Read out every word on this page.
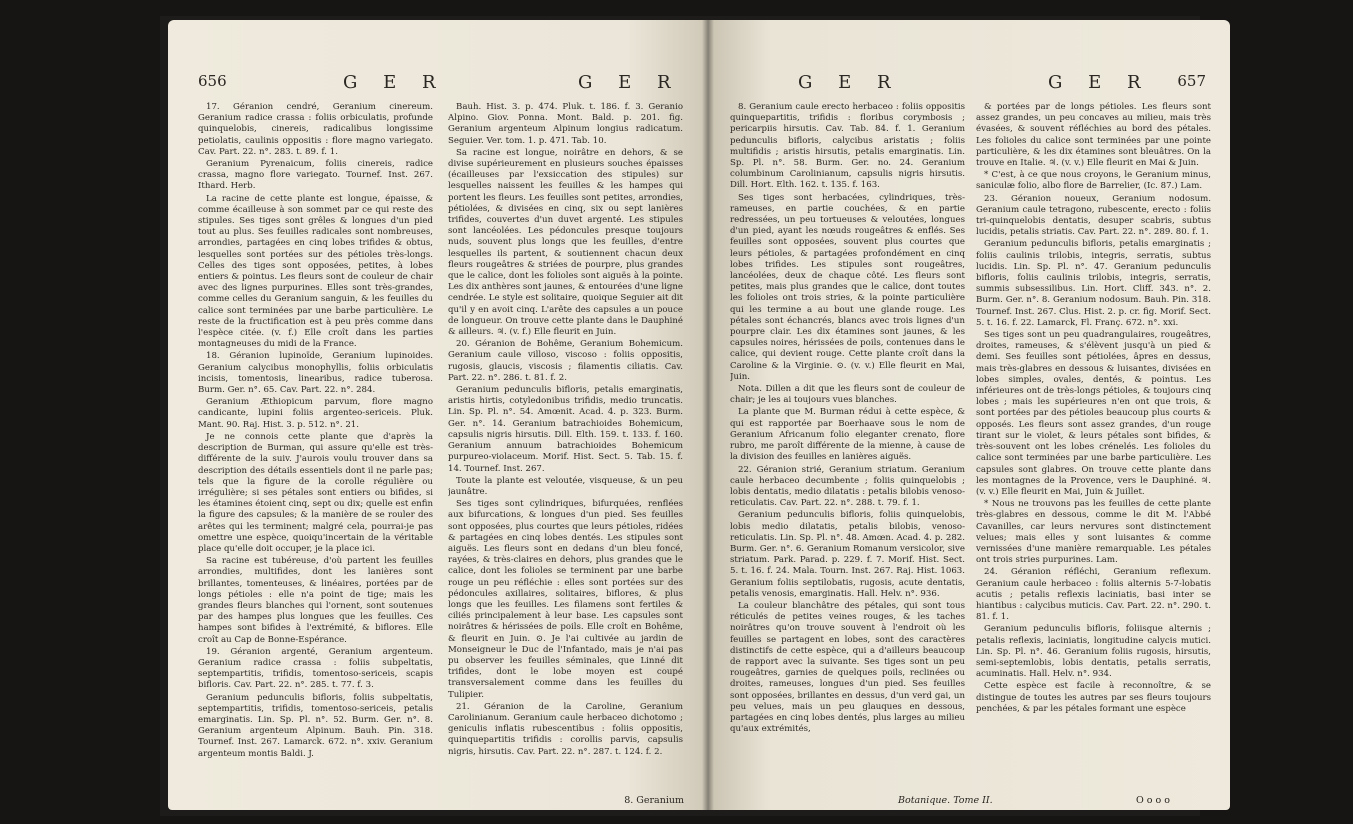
656	G E R	G E R

17. Géranion cendré, Geranium cinereum. Geranium radice crassa : foliis orbiculatis, profunde quinquelobis, cinereis, radicalibus longissime petiolatis, caulinis oppositis : flore magno variegato. Cav. Part. 22. n°. 283. t. 89. f. 1.

Geranium Pyrenaicum, foliis cinereis, radice crassa, magno flore variegato. Tournef. Inst. 267. Ithard. Herb.

La racine de cette plante est longue, épaisse, & comme écailleuse à son sommet par ce qui reste des stipules. Ses tiges sont grêles & longues d'un pied tout au plus. Ses feuilles radicales sont nombreuses, arrondies, partagées en cinq lobes trifides & obtus, lesquelles sont portées sur des pétioles très-longs. Celles des tiges sont opposées, petites, à lobes entiers & pointus. Les fleurs sont de couleur de chair avec des lignes purpurines. Elles sont très-grandes, comme celles du Geranium sanguin, & les feuilles du calice sont terminées par une barbe particulière. Le reste de la fructification est à peu près comme dans l'espèce citée. (v. f.) Elle croît dans les parties montagneuses du midi de la France.

18. Géranion lupinoïde, Geranium lupinoides. Geranium calycibus monophyllis, foliis orbiculatis incisis, tomentosis, linearibus, radice tuberosa. Burm. Ger. n°. 65. Cav. Part. 22. n°. 284.

Geranium Æthiopicum parvum, flore magno candicante, lupini foliis argenteo-sericeis. Pluk. Mant. 90. Raj. Hist. 3. p. 512. n°. 21.

Je ne connois cette plante que d'après la description de Burman, qui assure qu'elle est très-différente de la suiv. J'aurois voulu trouver dans sa description des détails essentiels dont il ne parle pas; tels que la figure de la corolle régulière ou irrégulière; si ses pétales sont entiers ou bifides, si les étamines étoient cinq, sept ou dix; quelle est enfin la figure des capsules; & la manière de se rouler des arêtes qui les terminent; malgré cela, pourrai-je pas omettre une espèce, quoiqu'incertain de la véritable place qu'elle doit occuper, je la place ici.

Sa racine est tubéreuse, d'où partent les feuilles arrondies, multifides, dont les lanières sont brillantes, tomenteuses, & linéaires, portées par de longs pétioles : elle n'a point de tige; mais les grandes fleurs blanches qui l'ornent, sont soutenues par des hampes plus longues que les feuilles. Ces hampes sont bifides à l'extrémité, & biflores. Elle croît au Cap de Bonne-Espérance.

19. Géranion argenté, Geranium argenteum. Geranium radice crassa : foliis subpeltatis, septempartitis, trifidis, tomentoso-sericeis, scapis bifloris. Cav. Part. 22. n°. 285. t. 77. f. 3.

Geranium pedunculis bifloris, foliis subpeltatis, septempartitis, trifidis, tomentoso-sericeis, petalis emarginatis. Lin. Sp. Pl. n°. 52. Burm. Ger. n°. 8. Geranium argenteum Alpinum. Bauh. Pin. 318. Tournef. Inst. 267. Lamarck. 672. n°. xxiv. Geranium argenteum montis Baldi. J.

Bauh. Hist. 3. p. 474. Pluk. t. 186. f. 3. Geranio Alpino. Giov. Ponna. Mont. Bald. p. 201. fig. Geranium argenteum Alpinum longius radicatum. Seguier. Ver. tom. 1. p. 471. Tab. 10.

Sa racine est longue, noirâtre en dehors, & se divise supérieurement en plusieurs souches épaisses (écailleuses par l'exsiccation des stipules) sur lesquelles naissent les feuilles & les hampes qui portent les fleurs. Les feuilles sont petites, arrondies, pétiolées, & divisées en cinq, six ou sept lanières trifides, couvertes d'un duvet argenté. Les stipules sont lancéolées. Les pédoncules presque toujours nuds, souvent plus longs que les feuilles, d'entre lesquelles ils partent, & soutiennent chacun deux fleurs rougeâtres & striées de pourpre, plus grandes que le calice, dont les folioles sont aiguës à la pointe. Les dix anthères sont jaunes, & entourées d'une ligne cendrée. Le style est solitaire, quoique Seguier ait dit qu'il y en avoit cinq. L'arête des capsules a un pouce de longueur. On trouve cette plante dans le Dauphiné & ailleurs. ♃. (v. f.) Elle fleurit en Juin.

20. Géranion de Bohême, Geranium Bohemicum. Geranium caule villoso, viscoso : foliis oppositis, rugosis, glaucis, viscosis ; filamentis ciliatis. Cav. Part. 22. n°. 286. t. 81. f. 2.

Geranium pedunculis bifloris, petalis emarginatis, aristis hirtis, cotyledonibus trifidis, medio truncatis. Lin. Sp. Pl. n°. 54. Amœnit. Acad. 4. p. 323. Burm. Ger. n°. 14. Geranium batrachioides Bohemicum, capsulis nigris hirsutis. Dill. Elth. 159. t. 133. f. 160. Geranium annuum batrachioides Bohemicum purpureo-violaceum. Morif. Hist. Sect. 5. Tab. 15. f. 14. Tournef. Inst. 267.

Toute la plante est veloutée, visqueuse, & un peu jaunâtre.

Ses tiges sont cylindriques, bifurquées, renflées aux bifurcations, & longues d'un pied. Ses feuilles sont opposées, plus courtes que leurs pétioles, ridées & partagées en cinq lobes dentés. Les stipules sont aiguës. Les fleurs sont en dedans d'un bleu foncé, rayées, & très-claires en dehors, plus grandes que le calice, dont les folioles se terminent par une barbe rouge un peu réfléchie : elles sont portées sur des pédoncules axillaires, solitaires, biflores, & plus longs que les feuilles. Les filamens sont fertiles & ciliés principalement à leur base. Les capsules sont noirâtres & hérissées de poils. Elle croît en Bohême, & fleurit en Juin. ⊙. Je l'ai cultivée au jardin de Monseigneur le Duc de l'Infantado, mais je n'ai pas pu observer les feuilles séminales, que Linné dit trifides, dont le lobe moyen est coupé transversalement comme dans les feuilles du Tulipier.

21. Géranion de la Caroline, Geranium Carolinianum. Geranium caule herbaceo dichotomo ; geniculis inflatis rubescentibus : foliis oppositis, quinquepartitis trifidis : corollis parvis, capsulis nigris, hirsutis. Cav. Part. 22. n°. 287. t. 124. f. 2.

8. Geranium
G E R	G E R 657

8. Geranium caule erecto herbaceo : foliis oppositis quinquepartitis, trifidis : floribus corymbosis ; pericarpiis hirsutis. Cav. Tab. 84. f. 1. Geranium pedunculis bifloris, calycibus aristatis ; foliis multifidis ; aristis hirsutis, petalis emarginatis. Lin. Sp. Pl. n°. 58. Burm. Ger. no. 24. Geranium columbinum Carolinianum, capsulis nigris hirsutis. Dill. Hort. Elth. 162. t. 135. f. 163.

Ses tiges sont herbacées, cylindriques, très-rameuses, en partie couchées, & en partie redressées, un peu tortueuses & veloutées, longues d'un pied, ayant les nœuds rougeâtres & enflés. Ses feuilles sont opposées, souvent plus courtes que leurs pétioles, & partagées profondément en cinq lobes trifides. Les stipules sont rougeâtres, lancéolées, deux de chaque côté. Les fleurs sont petites, mais plus grandes que le calice, dont toutes les folioles ont trois stries, & la pointe particulière qui les termine a au bout une glande rouge. Les pétales sont échancrés, blancs avec trois lignes d'un pourpre clair. Les dix étamines sont jaunes, & les capsules noires, hérissées de poils, contenues dans le calice, qui devient rouge. Cette plante croît dans la Caroline & la Virginie. ⊙. (v. v.) Elle fleurit en Mai, Juin.

Nota. Dillen a dit que les fleurs sont de couleur de chair; je les ai toujours vues blanches.

La plante que M. Burman rédui à cette espèce, & qui est rapportée par Boerhaave sous le nom de Geranium Africanum folio eleganter crenato, flore rubro, me paroît différente de la mienne, à cause de la division des feuilles en lanières aiguës.

22. Géranion strié, Geranium striatum. Geranium caule herbaceo decumbente ; foliis quinquelobis ; lobis dentatis, medio dilatatis : petalis bilobis venoso-reticulatis. Cav. Part. 22. n°. 288. t. 79. f. 1.

Geranium pedunculis bifloris, foliis quinquelobis, lobis medio dilatatis, petalis bilobis, venoso-reticulatis. Lin. Sp. Pl. n°. 48. Amœn. Acad. 4. p. 282. Burm. Ger. n°. 6. Geranium Romanum versicolor, sive striatum. Park. Parad. p. 229. f. 7. Morif. Hist. Sect. 5. t. 16. f. 24. Mala. Tourn. Inst. 267. Raj. Hist. 1063. Geranium foliis septilobatis, rugosis, acute dentatis, petalis venosis, emarginatis. Hall. Helv. n°. 936.

La couleur blanchâtre des pétales, qui sont tous réticulés de petites veines rouges, & les taches noirâtres qu'on trouve souvent à l'endroit où les feuilles se partagent en lobes, sont des caractères distinctifs de cette espèce, qui a d'ailleurs beaucoup de rapport avec la suivante. Ses tiges sont un peu rougeâtres, garnies de quelques poils, reclinées ou droites, rameuses, longues d'un pied. Ses feuilles sont opposées, brillantes en dessus, d'un verd gai, un peu velues, mais un peu glauques en dessous, partagées en cinq lobes dentés, plus larges au milieu qu'aux extrémités,

& portées par de longs pétioles. Les fleurs sont assez grandes, un peu concaves au milieu, mais très évasées, & souvent réfléchies au bord des pétales. Les folioles du calice sont terminées par une pointe particulière, & les dix étamines sont bleuâtres. On la trouve en Italie. ♃. (v. v.) Elle fleurit en Mai & Juin.

* C'est, à ce que nous croyons, le Geranium minus, saniculæ folio, albo flore de Barrelier, (Ic. 87.) Lam.

23. Géranion noueux, Geranium nodosum. Geranium caule tetragono, rubescente, erecto : foliis tri-quinquelobis dentatis, desuper scabris, subtus lucidis, petalis striatis. Cav. Part. 22. n°. 289. 80. f. 1.

Geranium pedunculis bifloris, petalis emarginatis ; foliis caulinis trilobis, integris, serratis, subtus lucidis. Lin. Sp. Pl. n°. 47. Geranium pedunculis bifloris, foliis caulinis trilobis, integris, serratis, summis subsessilibus. Lin. Hort. Cliff. 343. n°. 2. Burm. Ger. n°. 8. Geranium nodosum. Bauh. Pin. 318. Tournef. Inst. 267. Clus. Hist. 2. p. cr. fig. Morif. Sect. 5. t. 16. f. 22. Lamarck, Fl. Franç. 672. n°. xxi.

Ses tiges sont un peu quadrangulaires, rougeâtres, droites, rameuses, & s'élèvent jusqu'à un pied & demi. Ses feuilles sont pétiolées, âpres en dessus, mais très-glabres en dessous & luisantes, divisées en lobes simples, ovales, dentés, & pointus. Les inférieures ont de très-longs pétioles, & toujours cinq lobes ; mais les supérieures n'en ont que trois, & sont portées par des pétioles beaucoup plus courts & opposés. Les fleurs sont assez grandes, d'un rouge tirant sur le violet, & leurs pétales sont bifides, & très-souvent ont les lobes crénelés. Les folioles du calice sont terminées par une barbe particulière. Les capsules sont glabres. On trouve cette plante dans les montagnes de la Provence, vers le Dauphiné. ♃. (v. v.) Elle fleurit en Mai, Juin & Juillet.

* Nous ne trouvons pas les feuilles de cette plante très-glabres en dessous, comme le dit M. l'Abbé Cavanilles, car leurs nervures sont distinctement velues; mais elles y sont luisantes & comme vernissées d'une manière remarquable. Les pétales ont trois stries purpurines. Lam.

24. Géranion réfléchi, Geranium reflexum. Geranium caule herbaceo : foliis alternis 5-7-lobatis acutis ; petalis reflexis laciniatis, basi inter se hiantibus : calycibus muticis. Cav. Part. 22. n°. 290. t. 81. f. 1.

Geranium pedunculis bifloris, foliisque alternis ; petalis reflexis, laciniatis, longitudine calycis mutici. Lin. Sp. Pl. n°. 46. Geranium foliis rugosis, hirsutis, semi-septemlobis, lobis dentatis, petalis serratis, acuminatis. Hall. Helv. n°. 934.

Cette espèce est facile à reconnoître, & se distingue de toutes les autres par ses fleurs toujours penchées, & par les pétales formant une espèce

Botanique. Tome II.	O o o o
